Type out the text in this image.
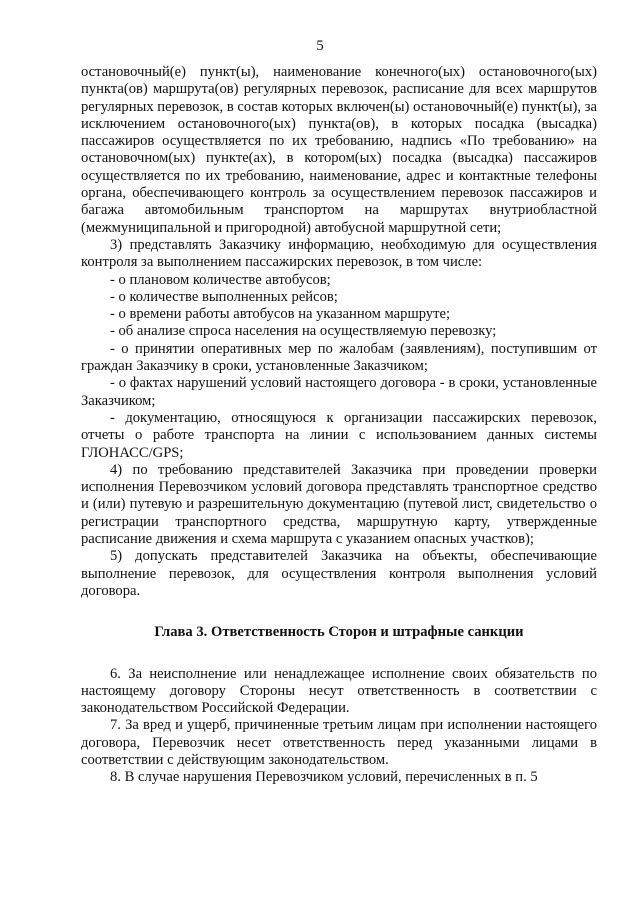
5

остановочный(е) пункт(ы), наименование конечного(ых) остановочного(ых) пункта(ов) маршрута(ов) регулярных перевозок, расписание для всех маршрутов регулярных перевозок, в состав которых включен(ы) остановочный(е) пункт(ы), за исключением остановочного(ых) пункта(ов), в которых посадка (высадка) пассажиров осуществляется по их требованию, надпись «По требованию» на остановочном(ых) пункте(ах), в котором(ых) посадка (высадка) пассажиров осуществляется по их требованию, наименование, адрес и контактные телефоны органа, обеспечивающего контроль за осуществлением перевозок пассажиров и багажа автомобильным транспортом на маршрутах внутриобластной (межмуниципальной и пригородной) автобусной маршрутной сети;

3) представлять Заказчику информацию, необходимую для осуществления контроля за выполнением пассажирских перевозок, в том числе:

- о плановом количестве автобусов;

- о количестве выполненных рейсов;

- о времени работы автобусов на указанном маршруте;

- об анализе спроса населения на осуществляемую перевозку;

- о принятии оперативных мер по жалобам (заявлениям), поступившим от граждан Заказчику в сроки, установленные Заказчиком;

- о фактах нарушений условий настоящего договора - в сроки, установленные Заказчиком;

- документацию, относящуюся к организации пассажирских перевозок, отчеты о работе транспорта на линии с использованием данных системы ГЛОНАСС/GPS;

4) по требованию представителей Заказчика при проведении проверки исполнения Перевозчиком условий договора представлять транспортное средство и (или) путевую и разрешительную документацию (путевой лист, свидетельство о регистрации транспортного средства, маршрутную карту, утвержденные расписание движения и схема маршрута с указанием опасных участков);

5) допускать представителей Заказчика на объекты, обеспечивающие выполнение перевозок, для осуществления контроля выполнения условий договора.

Глава 3. Ответственность Сторон и штрафные санкции

6. За неисполнение или ненадлежащее исполнение своих обязательств по настоящему договору Стороны несут ответственность в соответствии с законодательством Российской Федерации.

7. За вред и ущерб, причиненные третьим лицам при исполнении настоящего договора, Перевозчик несет ответственность перед указанными лицами в соответствии с действующим законодательством.

8. В случае нарушения Перевозчиком условий, перечисленных в п. 5
